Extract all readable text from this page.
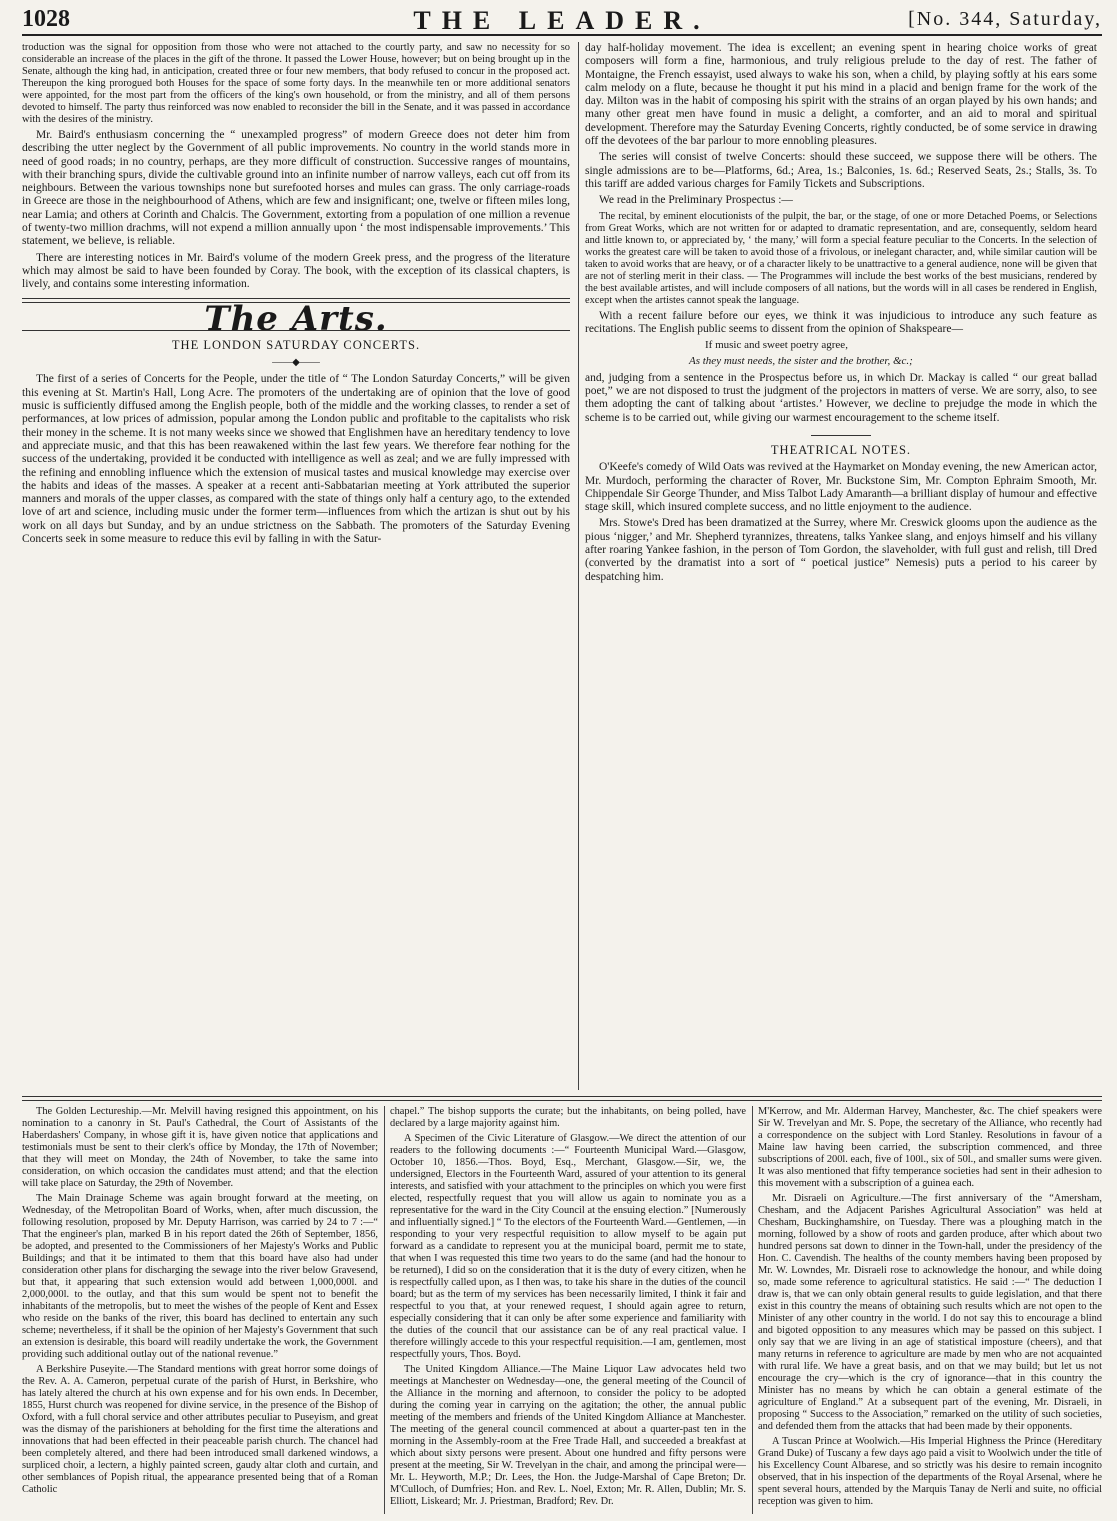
1028	THE LEADER.	[No. 344, Saturday,

troduction was the signal for opposition from those who were not attached to the courtly party, and saw no necessity for so considerable an increase of the places in the gift of the throne. It passed the Lower House, however; but on being brought up in the Senate, although the king had, in anticipation, created three or four new members, that body refused to concur in the proposed act. Thereupon the king prorogued both Houses for the space of some forty days. In the meanwhile ten or more additional senators were appointed, for the most part from the officers of the king's own household, or from the ministry, and all of them persons devoted to himself. The party thus reinforced was now enabled to reconsider the bill in the Senate, and it was passed in accordance with the desires of the ministry.

Mr. Baird's enthusiasm concerning the “ unexampled progress” of modern Greece does not deter him from describing the utter neglect by the Government of all public improvements. No country in the world stands more in need of good roads; in no country, perhaps, are they more difficult of construction. Successive ranges of mountains, with their branching spurs, divide the cultivable ground into an infinite number of narrow valleys, each cut off from its neighbours. Between the various townships none but surefooted horses and mules can grass. The only carriage-roads in Greece are those in the neighbourhood of Athens, which are few and insignificant; one, twelve or fifteen miles long, near Lamia; and others at Corinth and Chalcis. The Government, extorting from a population of one million a revenue of twenty-two million drachms, will not expend a million annually upon ‘ the most indispensable improvements.’ This statement, we believe, is reliable.

There are interesting notices in Mr. Baird's volume of the modern Greek press, and the progress of the literature which may almost be said to have been founded by Coray. The book, with the exception of its classical chapters, is lively, and contains some interesting information.

The Arts.
THE LONDON SATURDAY CONCERTS.
——◆——

The first of a series of Concerts for the People, under the title of “ The London Saturday Concerts,” will be given this evening at St. Martin's Hall, Long Acre. The promoters of the undertaking are of opinion that the love of good music is sufficiently diffused among the English people, both of the middle and the working classes, to render a set of performances, at low prices of admission, popular among the London public and profitable to the capitalists who risk their money in the scheme. It is not many weeks since we showed that Englishmen have an hereditary tendency to love and appreciate music, and that this has been reawakened within the last few years. We therefore fear nothing for the success of the undertaking, provided it be conducted with intelligence as well as zeal; and we are fully impressed with the refining and ennobling influence which the extension of musical tastes and musical knowledge may exercise over the habits and ideas of the masses. A speaker at a recent anti-Sabbatarian meeting at York attributed the superior manners and morals of the upper classes, as compared with the state of things only half a century ago, to the extended love of art and science, including music under the former term—influences from which the artizan is shut out by his work on all days but Sunday, and by an undue strictness on the Sabbath. The promoters of the Saturday Evening Concerts seek in some measure to reduce this evil by falling in with the Satur-

day half-holiday movement. The idea is excellent; an evening spent in hearing choice works of great composers will form a fine, harmonious, and truly religious prelude to the day of rest. The father of Montaigne, the French essayist, used always to wake his son, when a child, by playing softly at his ears some calm melody on a flute, because he thought it put his mind in a placid and benign frame for the work of the day. Milton was in the habit of composing his spirit with the strains of an organ played by his own hands; and many other great men have found in music a delight, a comforter, and an aid to moral and spiritual development. Therefore may the Saturday Evening Concerts, rightly conducted, be of some service in drawing off the devotees of the bar parlour to more ennobling pleasures.

The series will consist of twelve Concerts: should these succeed, we suppose there will be others. The single admissions are to be—Platforms, 6d.; Area, 1s.; Balconies, 1s. 6d.; Reserved Seats, 2s.; Stalls, 3s. To this tariff are added various charges for Family Tickets and Subscriptions.

We read in the Preliminary Prospectus :—

The recital, by eminent elocutionists of the pulpit, the bar, or the stage, of one or more Detached Poems, or Selections from Great Works, which are not written for or adapted to dramatic representation, and are, consequently, seldom heard and little known to, or appreciated by, ‘ the many,’ will form a special feature peculiar to the Concerts. In the selection of works the greatest care will be taken to avoid those of a frivolous, or inelegant character, and, while similar caution will be taken to avoid works that are heavy, or of a character likely to be unattractive to a general audience, none will be given that are not of sterling merit in their class. — The Programmes will include the best works of the best musicians, rendered by the best available artistes, and will include composers of all nations, but the words will in all cases be rendered in English, except when the artistes cannot speak the language.

With a recent failure before our eyes, we think it was injudicious to introduce any such feature as recitations. The English public seems to dissent from the opinion of Shakspeare—

If music and sweet poetry agree,

As they must needs, the sister and the brother, &c.;

and, judging from a sentence in the Prospectus before us, in which Dr. Mackay is called “ our great ballad poet,” we are not disposed to trust the judgment of the projectors in matters of verse. We are sorry, also, to see them adopting the cant of talking about ‘artistes.’ However, we decline to prejudge the mode in which the scheme is to be carried out, while giving our warmest encouragement to the scheme itself.

THEATRICAL NOTES.

O'Keefe's comedy of Wild Oats was revived at the Haymarket on Monday evening, the new American actor, Mr. Murdoch, performing the character of Rover, Mr. Buckstone Sim, Mr. Compton Ephraim Smooth, Mr. Chippendale Sir George Thunder, and Miss Talbot Lady Amaranth—a brilliant display of humour and effective stage skill, which insured complete success, and no little enjoyment to the audience.

Mrs. Stowe's Dred has been dramatized at the Surrey, where Mr. Creswick glooms upon the audience as the pious ‘nigger,’ and Mr. Shepherd tyrannizes, threatens, talks Yankee slang, and enjoys himself and his villany after roaring Yankee fashion, in the person of Tom Gordon, the slaveholder, with full gust and relish, till Dred (converted by the dramatist into a sort of “ poetical justice” Nemesis) puts a period to his career by despatching him.

The Golden Lectureship.—Mr. Melvill having resigned this appointment, on his nomination to a canonry in St. Paul's Cathedral, the Court of Assistants of the Haberdashers' Company, in whose gift it is, have given notice that applications and testimonials must be sent to their clerk's office by Monday, the 17th of November; that they will meet on Monday, the 24th of November, to take the same into consideration, on which occasion the candidates must attend; and that the election will take place on Saturday, the 29th of November.

The Main Drainage Scheme was again brought forward at the meeting, on Wednesday, of the Metropolitan Board of Works, when, after much discussion, the following resolution, proposed by Mr. Deputy Harrison, was carried by 24 to 7 :—“ That the engineer's plan, marked B in his report dated the 26th of September, 1856, be adopted, and presented to the Commissioners of her Majesty's Works and Public Buildings; and that it be intimated to them that this board have also had under consideration other plans for discharging the sewage into the river below Gravesend, but that, it appearing that such extension would add between 1,000,000l. and 2,000,000l. to the outlay, and that this sum would be spent not to benefit the inhabitants of the metropolis, but to meet the wishes of the people of Kent and Essex who reside on the banks of the river, this board has declined to entertain any such scheme; nevertheless, if it shall be the opinion of her Majesty's Government that such an extension is desirable, this board will readily undertake the work, the Government providing such additional outlay out of the national revenue.”

A Berkshire Puseyite.—The Standard mentions with great horror some doings of the Rev. A. A. Cameron, perpetual curate of the parish of Hurst, in Berkshire, who has lately altered the church at his own expense and for his own ends. In December, 1855, Hurst church was reopened for divine service, in the presence of the Bishop of Oxford, with a full choral service and other attributes peculiar to Puseyism, and great was the dismay of the parishioners at beholding for the first time the alterations and innovations that had been effected in their peaceable parish church. The chancel had been completely altered, and there had been introduced small darkened windows, a surpliced choir, a lectern, a highly painted screen, gaudy altar cloth and curtain, and other semblances of Popish ritual, the appearance presented being that of a Roman Catholic

chapel.” The bishop supports the curate; but the inhabitants, on being polled, have declared by a large majority against him.

A Specimen of the Civic Literature of Glasgow.—We direct the attention of our readers to the following documents :—“ Fourteenth Municipal Ward.—Glasgow, October 10, 1856.—Thos. Boyd, Esq., Merchant, Glasgow.—Sir, we, the undersigned, Electors in the Fourteenth Ward, assured of your attention to its general interests, and satisfied with your attachment to the principles on which you were first elected, respectfully request that you will allow us again to nominate you as a representative for the ward in the City Council at the ensuing election.” [Numerously and influentially signed.] “ To the electors of the Fourteenth Ward.—Gentlemen, —in responding to your very respectful requisition to allow myself to be again put forward as a candidate to represent you at the municipal board, permit me to state, that when I was requested this time two years to do the same (and had the honour to be returned), I did so on the consideration that it is the duty of every citizen, when he is respectfully called upon, as I then was, to take his share in the duties of the council board; but as the term of my services has been necessarily limited, I think it fair and respectful to you that, at your renewed request, I should again agree to return, especially considering that it can only be after some experience and familiarity with the duties of the council that our assistance can be of any real practical value. I therefore willingly accede to this your respectful requisition.—I am, gentlemen, most respectfully yours, Thos. Boyd.

The United Kingdom Alliance.—The Maine Liquor Law advocates held two meetings at Manchester on Wednesday—one, the general meeting of the Council of the Alliance in the morning and afternoon, to consider the policy to be adopted during the coming year in carrying on the agitation; the other, the annual public meeting of the members and friends of the United Kingdom Alliance at Manchester. The meeting of the general council commenced at about a quarter-past ten in the morning in the Assembly-room at the Free Trade Hall, and succeeded a breakfast at which about sixty persons were present. About one hundred and fifty persons were present at the meeting, Sir W. Trevelyan in the chair, and among the principal were—Mr. L. Heyworth, M.P.; Dr. Lees, the Hon. the Judge-Marshal of Cape Breton; Dr. M'Culloch, of Dumfries; Hon. and Rev. L. Noel, Exton; Mr. R. Allen, Dublin; Mr. S. Elliott, Liskeard; Mr. J. Priestman, Bradford; Rev. Dr.

M'Kerrow, and Mr. Alderman Harvey, Manchester, &c. The chief speakers were Sir W. Trevelyan and Mr. S. Pope, the secretary of the Alliance, who recently had a correspondence on the subject with Lord Stanley. Resolutions in favour of a Maine law having been carried, the subscription commenced, and three subscriptions of 200l. each, five of 100l., six of 50l., and smaller sums were given. It was also mentioned that fifty temperance societies had sent in their adhesion to this movement with a subscription of a guinea each.

Mr. Disraeli on Agriculture.—The first anniversary of the “Amersham, Chesham, and the Adjacent Parishes Agricultural Association” was held at Chesham, Buckinghamshire, on Tuesday. There was a ploughing match in the morning, followed by a show of roots and garden produce, after which about two hundred persons sat down to dinner in the Town-hall, under the presidency of the Hon. C. Cavendish. The healths of the county members having been proposed by Mr. W. Lowndes, Mr. Disraeli rose to acknowledge the honour, and while doing so, made some reference to agricultural statistics. He said :—“ The deduction I draw is, that we can only obtain general results to guide legislation, and that there exist in this country the means of obtaining such results which are not open to the Minister of any other country in the world. I do not say this to encourage a blind and bigoted opposition to any measures which may be passed on this subject. I only say that we are living in an age of statistical imposture (cheers), and that many returns in reference to agriculture are made by men who are not acquainted with rural life. We have a great basis, and on that we may build; but let us not encourage the cry—which is the cry of ignorance—that in this country the Minister has no means by which he can obtain a general estimate of the agriculture of England.” At a subsequent part of the evening, Mr. Disraeli, in proposing “ Success to the Association,” remarked on the utility of such societies, and defended them from the attacks that had been made by their opponents.

A Tuscan Prince at Woolwich.—His Imperial Highness the Prince (Hereditary Grand Duke) of Tuscany a few days ago paid a visit to Woolwich under the title of his Excellency Count Albarese, and so strictly was his desire to remain incognito observed, that in his inspection of the departments of the Royal Arsenal, where he spent several hours, attended by the Marquis Tanay de Nerli and suite, no official reception was given to him.
